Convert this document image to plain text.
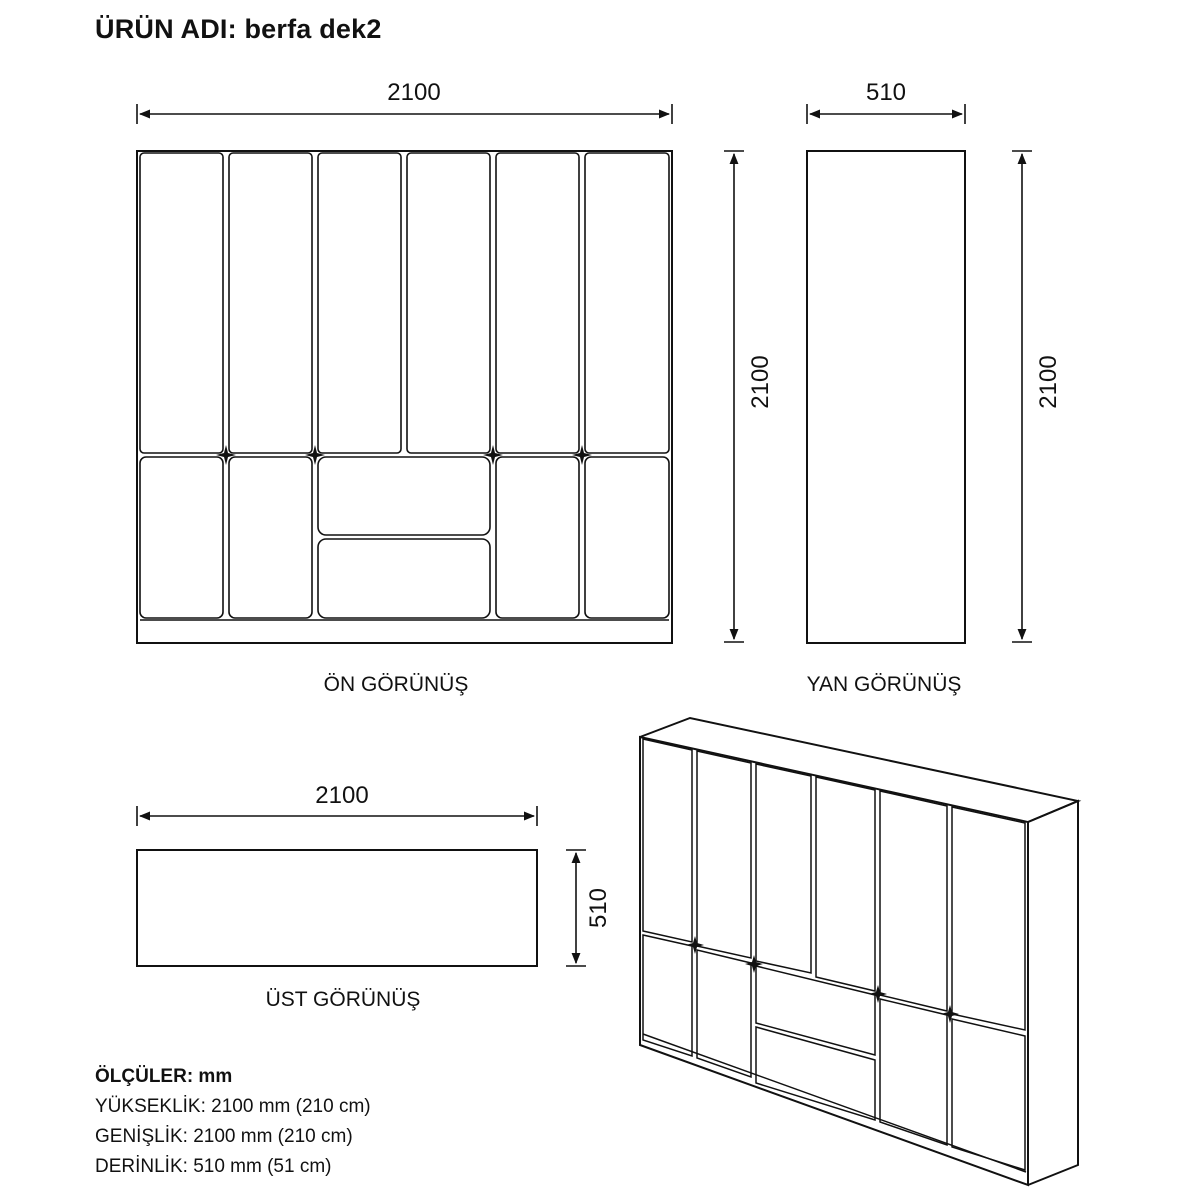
ÜRÜN ADI: berfa dek2
2100
2100
ÖN GÖRÜNÜŞ
510
2100
YAN GÖRÜNÜŞ
2100
510
ÜST GÖRÜNÜŞ
ÖLÇÜLER: mm
YÜKSEKLİK: 2100 mm (210 cm)
GENİŞLİK: 2100 mm (210 cm)
DERİNLİK: 510 mm (51 cm)
